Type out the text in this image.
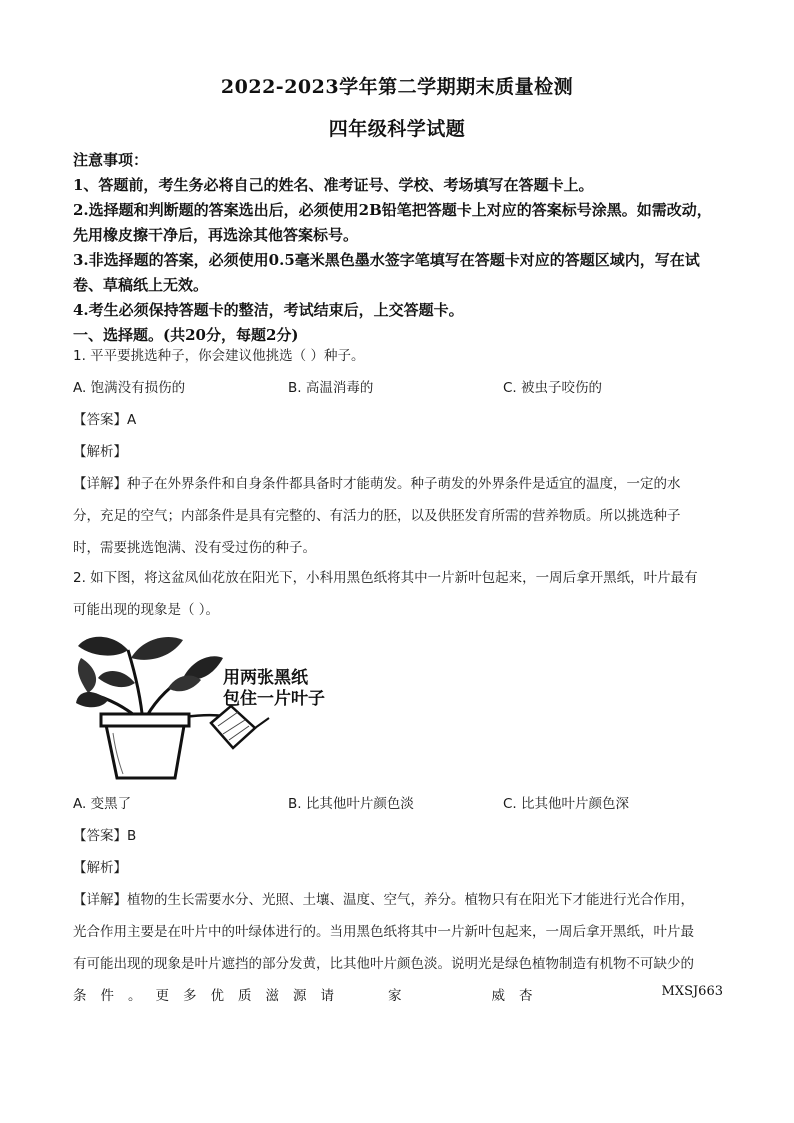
2022-2023学年第二学期期末质量检测
四年级科学试题

注意事项：

1、答题前，考生务必将自己的姓名、准考证号、学校、考场填写在答题卡上。

2.选择题和判断题的答案选出后，必须使用2B铅笔把答题卡上对应的答案标号涂黑。如需改动，先用橡皮擦干净后，再选涂其他答案标号。

3.非选择题的答案，必须使用0.5毫米黑色墨水签字笔填写在答题卡对应的答题区域内，写在试卷、草稿纸上无效。

4.考生必须保持答题卡的整洁，考试结束后，上交答题卡。

一、选择题。(共20分，每题2分)

1. 平平要挑选种子，你会建议他挑选（ ）种子。

A. 饱满没有损伤的	B. 高温消毒的	C. 被虫子咬伤的

【答案】A

【解析】

【详解】种子在外界条件和自身条件都具备时才能萌发。种子萌发的外界条件是适宜的温度，一定的水

分，充足的空气；内部条件是具有完整的、有活力的胚，以及供胚发育所需的营养物质。所以挑选种子

时，需要挑选饱满、没有受过伤的种子。

2. 如下图，将这盆凤仙花放在阳光下，小科用黑色纸将其中一片新叶包起来，一周后拿开黑纸，叶片最有

可能出现的现象是（ ）。

用两张黑纸
包住一片叶子
A. 变黑了	B. 比其他叶片颜色淡	C. 比其他叶片颜色深

【答案】B

【解析】

【详解】植物的生长需要水分、光照、土壤、温度、空气，养分。植物只有在阳光下才能进行光合作用，

光合作用主要是在叶片中的叶绿体进行的。当用黑色纸将其中一片新叶包起来，一周后拿开黑纸，叶片最

有可能出现的现象是叶片遮挡的部分发黄，比其他叶片颜色淡。说明光是绿色植物制造有机物不可缺少的

条件。更多优质滋源请	家	威杏	MXSJ663
